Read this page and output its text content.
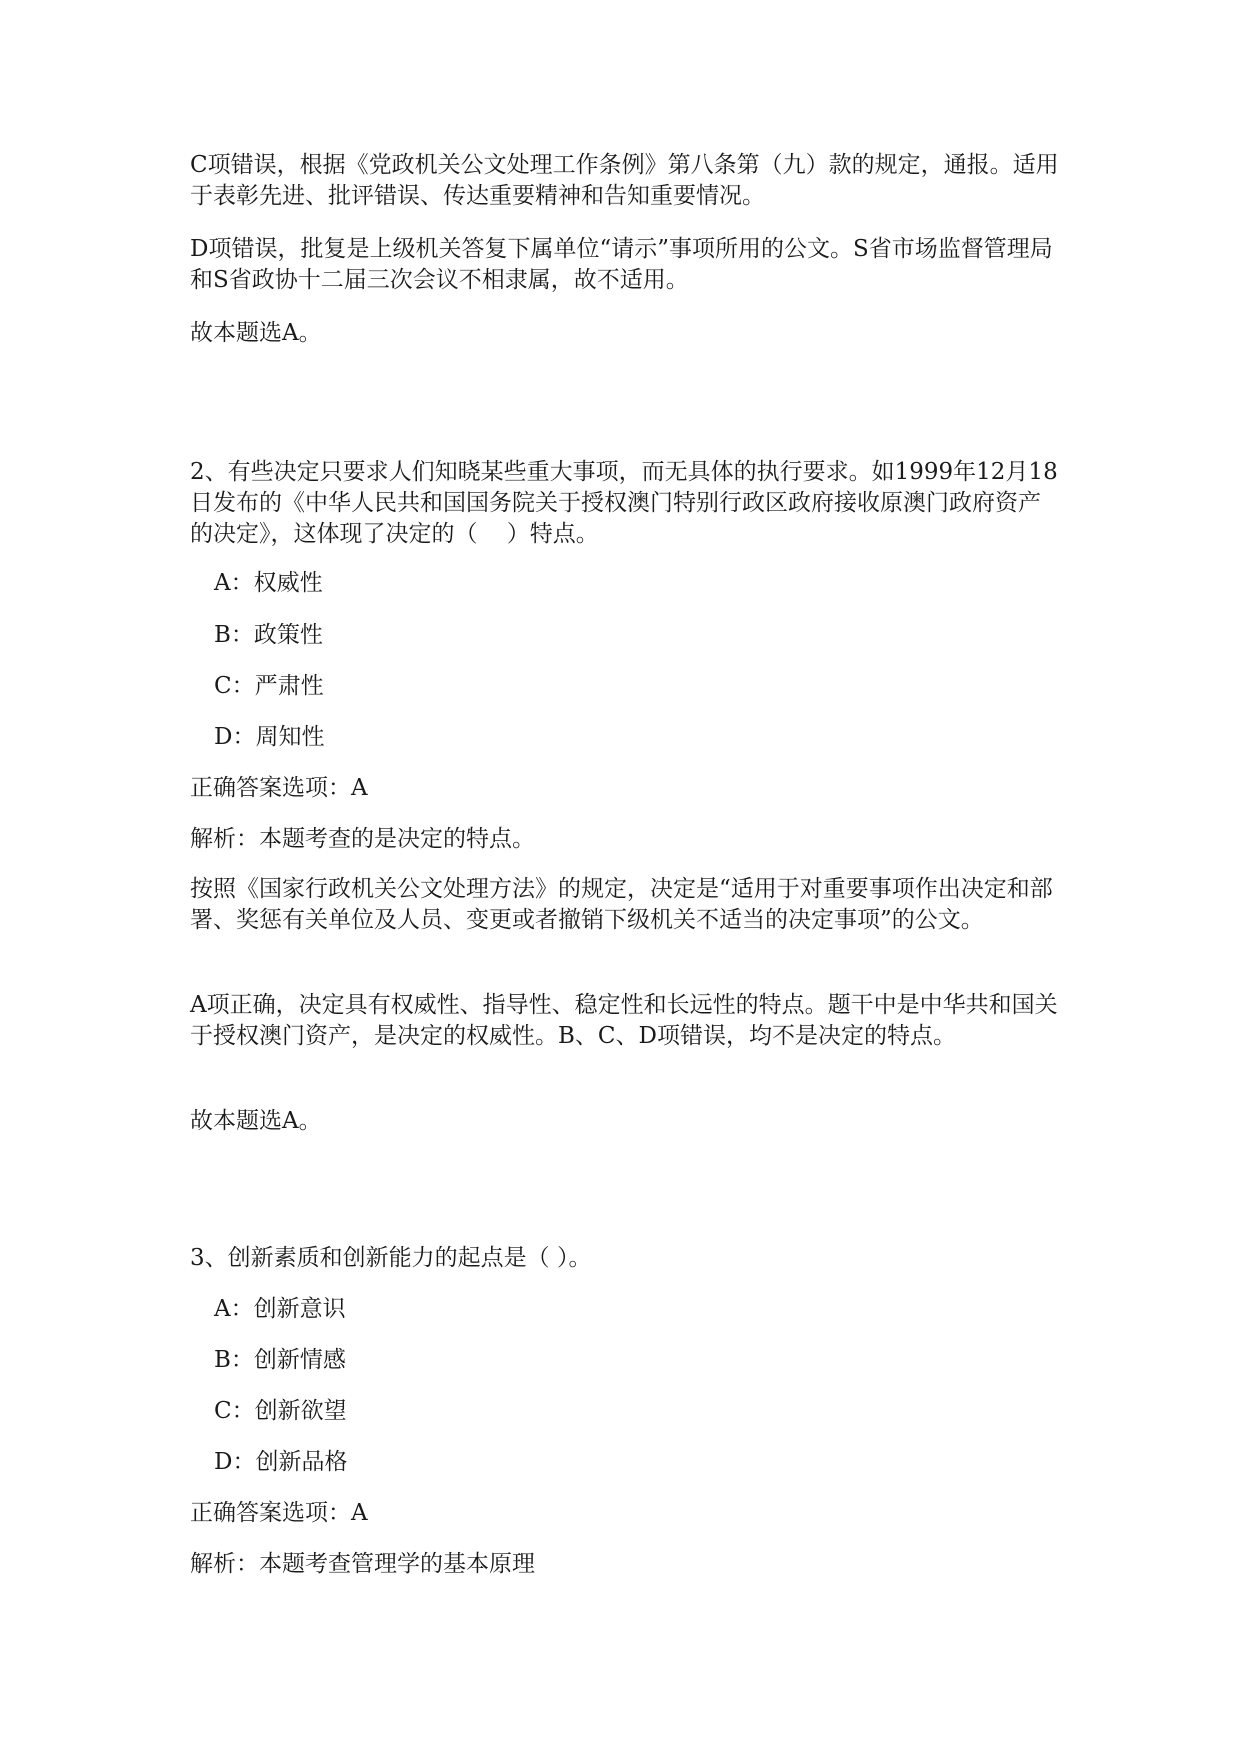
C项错误，根据《党政机关公文处理工作条例》第八条第（九）款的规定，通报。适用于表彰先进、批评错误、传达重要精神和告知重要情况。

D项错误，批复是上级机关答复下属单位“请示”事项所用的公文。S省市场监督管理局和S省政协十二届三次会议不相隶属，故不适用。

故本题选A。

2、有些决定只要求人们知晓某些重大事项，而无具体的执行要求。如1999年12月18日发布的《中华人民共和国国务院关于授权澳门特别行政区政府接收原澳门政府资产的决定》，这体现了决定的（    ）特点。

A：权威性

B：政策性

C：严肃性

D：周知性

正确答案选项：A

解析：本题考查的是决定的特点。

按照《国家行政机关公文处理方法》的规定，决定是“适用于对重要事项作出决定和部署、奖惩有关单位及人员、变更或者撤销下级机关不适当的决定事项”的公文。

A项正确，决定具有权威性、指导性、稳定性和长远性的特点。题干中是中华共和国关于授权澳门资产，是决定的权威性。B、C、D项错误，均不是决定的特点。

故本题选A。

3、创新素质和创新能力的起点是（ ）。

A：创新意识

B：创新情感

C：创新欲望

D：创新品格

正确答案选项：A

解析：本题考查管理学的基本原理
